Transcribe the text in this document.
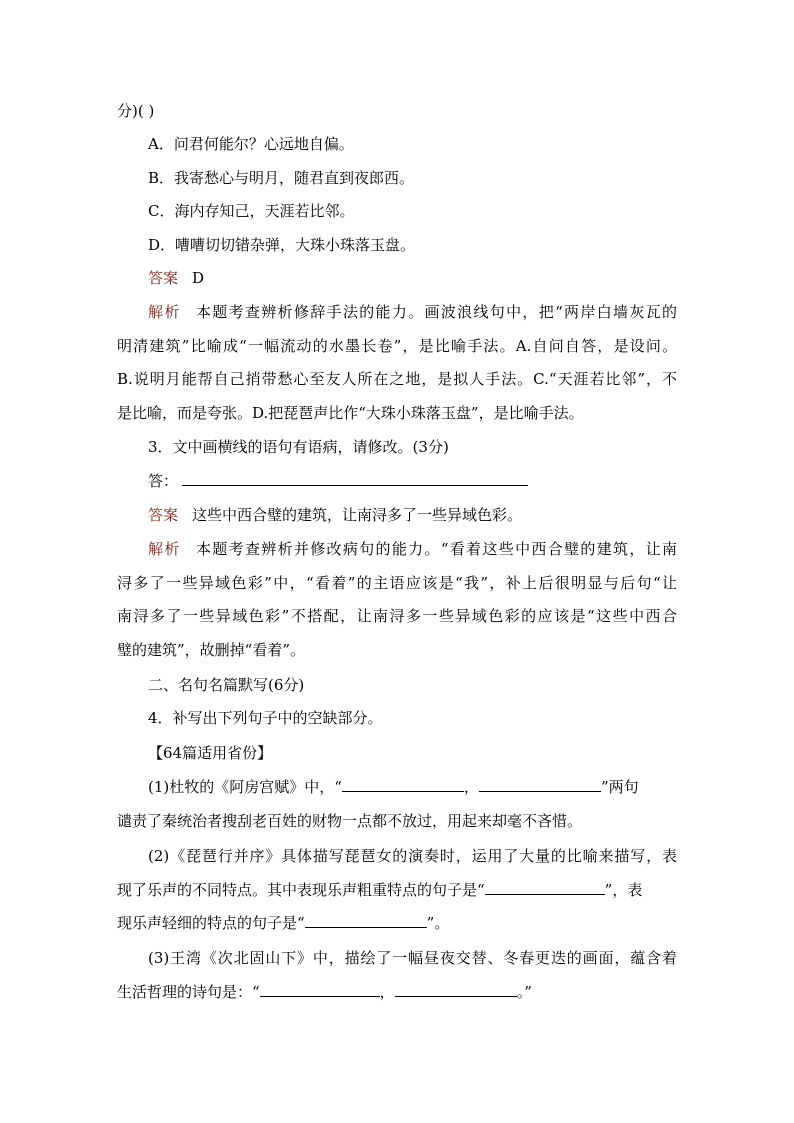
分)( )
A．问君何能尔？心远地自偏。
B．我寄愁心与明月，随君直到夜郎西。
C．海内存知己，天涯若比邻。
D．嘈嘈切切错杂弹，大珠小珠落玉盘。
答案 D
解析 本题考查辨析修辞手法的能力。画波浪线句中，把“两岸白墙灰瓦的
明清建筑”比喻成“一幅流动的水墨长卷”，是比喻手法。A.自问自答，是设问。
B.说明月能帮自己捎带愁心至友人所在之地，是拟人手法。C.“天涯若比邻”，不
是比喻，而是夸张。D.把琵琶声比作“大珠小珠落玉盘”，是比喻手法。
3．文中画横线的语句有语病，请修改。(3分)
答：
答案 这些中西合璧的建筑，让南浔多了一些异域色彩。
解析 本题考查辨析并修改病句的能力。“看着这些中西合璧的建筑，让南
浔多了一些异域色彩”中，“看着”的主语应该是“我”，补上后很明显与后句“让
南浔多了一些异域色彩”不搭配，让南浔多一些异域色彩的应该是“这些中西合
璧的建筑”，故删掉“看着”。
二、名句名篇默写(6分)
4．补写出下列句子中的空缺部分。
【64篇适用省份】
(1)杜牧的《阿房宫赋》中，“	，	”两句
谴责了秦统治者搜刮老百姓的财物一点都不放过，用起来却毫不吝惜。
(2)《琵琶行并序》具体描写琵琶女的演奏时，运用了大量的比喻来描写，表
现了乐声的不同特点。其中表现乐声粗重特点的句子是“	”，表
现乐声轻细的特点的句子是“	”。
(3)王湾《次北固山下》中，描绘了一幅昼夜交替、冬春更迭的画面，蕴含着
生活哲理的诗句是：“	，	。”
